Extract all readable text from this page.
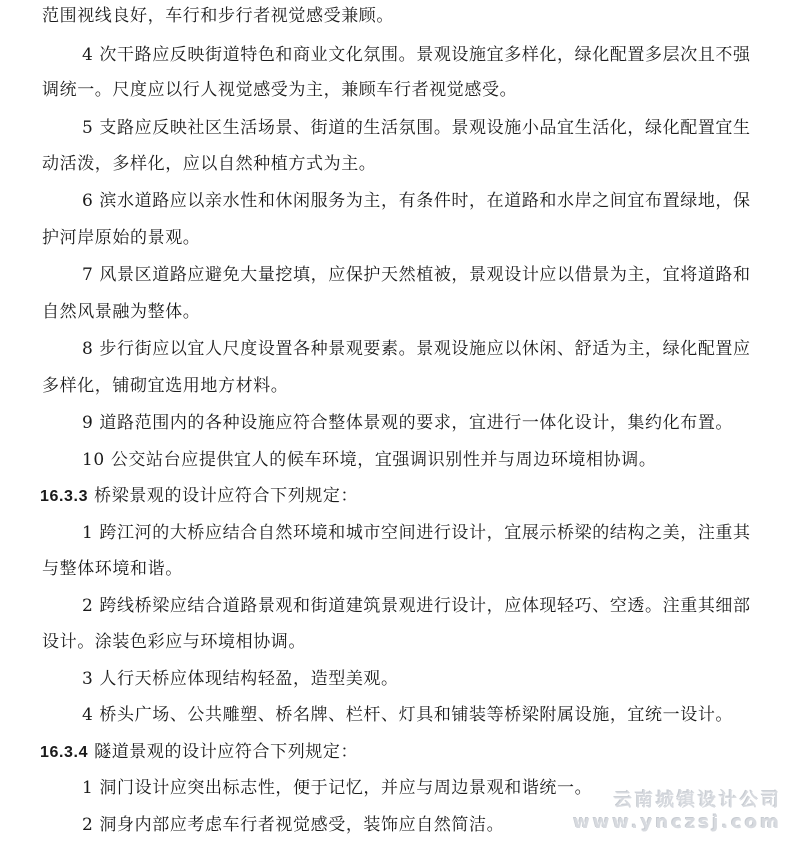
范围视线良好，车行和步行者视觉感受兼顾。
4 次干路应反映街道特色和商业文化氛围。景观设施宜多样化，绿化配置多层次且不强
调统一。尺度应以行人视觉感受为主，兼顾车行者视觉感受。
5 支路应反映社区生活场景、街道的生活氛围。景观设施小品宜生活化，绿化配置宜生
动活泼，多样化，应以自然种植方式为主。
6 滨水道路应以亲水性和休闲服务为主，有条件时，在道路和水岸之间宜布置绿地，保
护河岸原始的景观。
7 风景区道路应避免大量挖填，应保护天然植被，景观设计应以借景为主，宜将道路和
自然风景融为整体。
8 步行街应以宜人尺度设置各种景观要素。景观设施应以休闲、舒适为主，绿化配置应
多样化，铺砌宜选用地方材料。
9 道路范围内的各种设施应符合整体景观的要求，宜进行一体化设计，集约化布置。
10 公交站台应提供宜人的候车环境，宜强调识别性并与周边环境相协调。
16.3.3 桥梁景观的设计应符合下列规定：
1 跨江河的大桥应结合自然环境和城市空间进行设计，宜展示桥梁的结构之美，注重其
与整体环境和谐。
2 跨线桥梁应结合道路景观和街道建筑景观进行设计，应体现轻巧、空透。注重其细部
设计。涂装色彩应与环境相协调。
3 人行天桥应体现结构轻盈，造型美观。
4 桥头广场、公共雕塑、桥名牌、栏杆、灯具和铺装等桥梁附属设施，宜统一设计。
16.3.4 隧道景观的设计应符合下列规定：
1 洞门设计应突出标志性，便于记忆，并应与周边景观和谐统一。
2 洞身内部应考虑车行者视觉感受，装饰应自然简洁。
云南城镇设计公司
www.ynczsj.com
